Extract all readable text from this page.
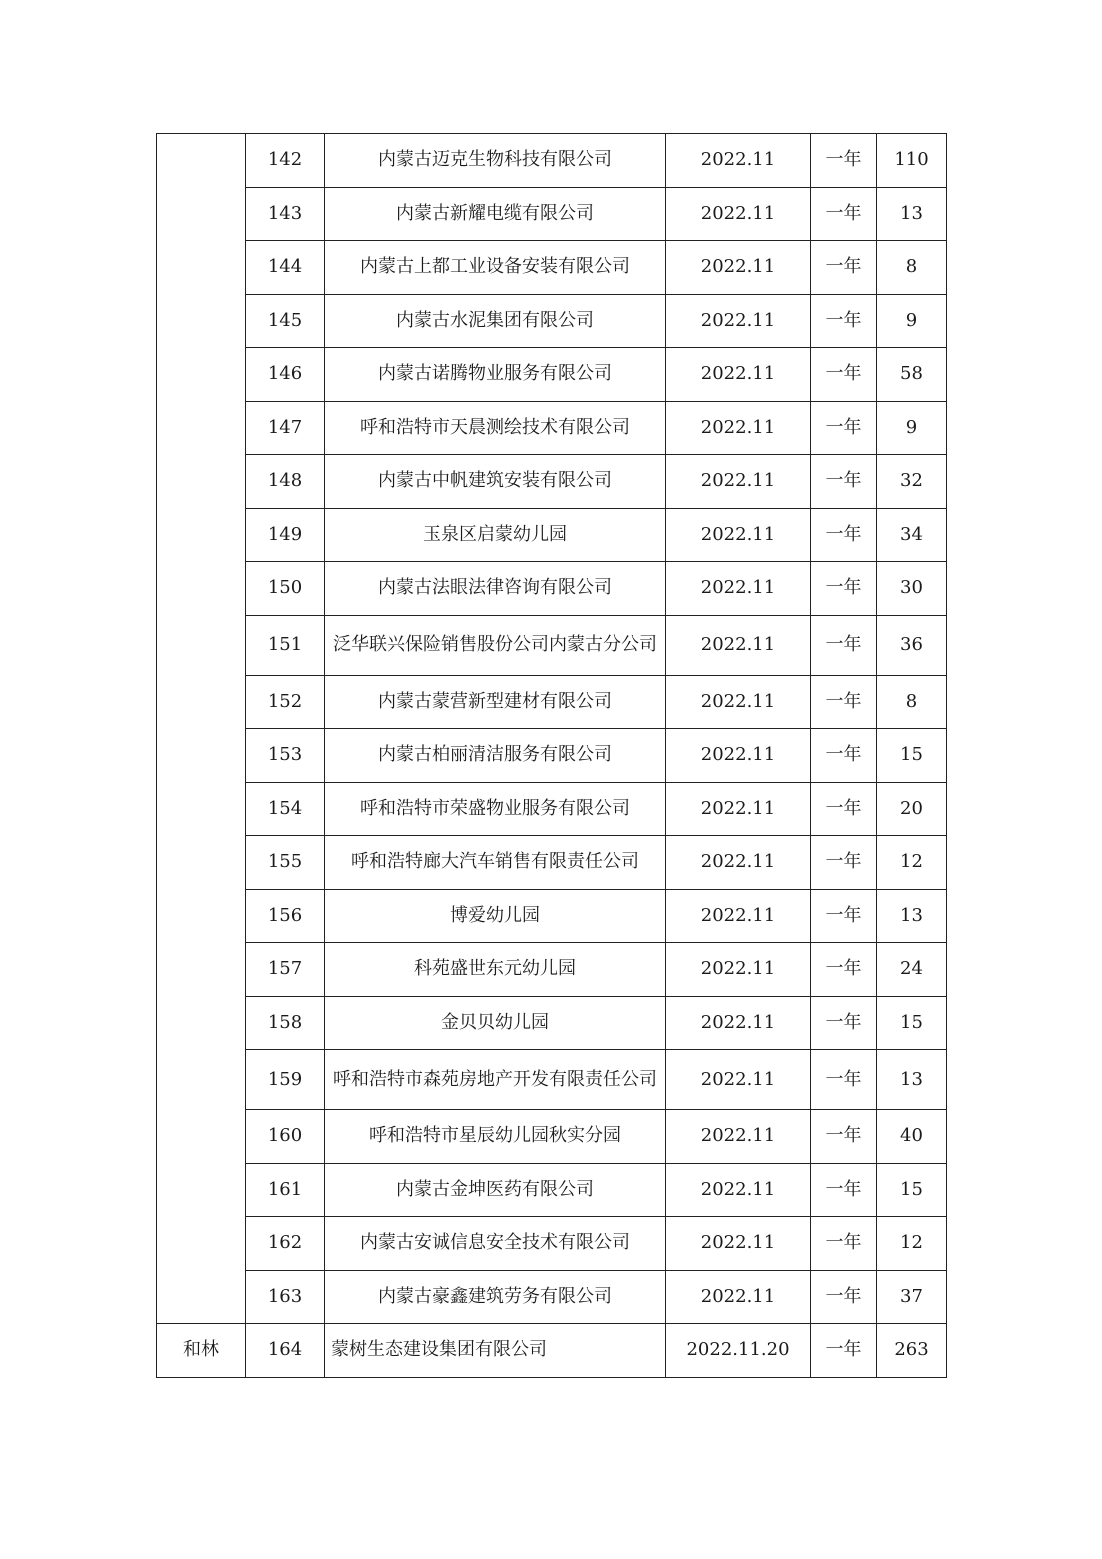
	142	内蒙古迈克生物科技有限公司	2022.11	一年	110
	143	内蒙古新耀电缆有限公司	2022.11	一年	13
	144	内蒙古上都工业设备安装有限公司	2022.11	一年	8
	145	内蒙古水泥集团有限公司	2022.11	一年	9
	146	内蒙古诺腾物业服务有限公司	2022.11	一年	58
	147	呼和浩特市天晨测绘技术有限公司	2022.11	一年	9
	148	内蒙古中帆建筑安装有限公司	2022.11	一年	32
	149	玉泉区启蒙幼儿园	2022.11	一年	34
	150	内蒙古法眼法律咨询有限公司	2022.11	一年	30
	151	泛华联兴保险销售股份公司内蒙古分公司	2022.11	一年	36
	152	内蒙古蒙营新型建材有限公司	2022.11	一年	8
	153	内蒙古柏丽清洁服务有限公司	2022.11	一年	15
	154	呼和浩特市荣盛物业服务有限公司	2022.11	一年	20
	155	呼和浩特廊大汽车销售有限责任公司	2022.11	一年	12
	156	博爱幼儿园	2022.11	一年	13
	157	科苑盛世东元幼儿园	2022.11	一年	24
	158	金贝贝幼儿园	2022.11	一年	15
	159	呼和浩特市森苑房地产开发有限责任公司	2022.11	一年	13
	160	呼和浩特市星辰幼儿园秋实分园	2022.11	一年	40
	161	内蒙古金坤医药有限公司	2022.11	一年	15
	162	内蒙古安诚信息安全技术有限公司	2022.11	一年	12
	163	内蒙古豪鑫建筑劳务有限公司	2022.11	一年	37
和林	164	蒙树生态建设集团有限公司	2022.11.20	一年	263
